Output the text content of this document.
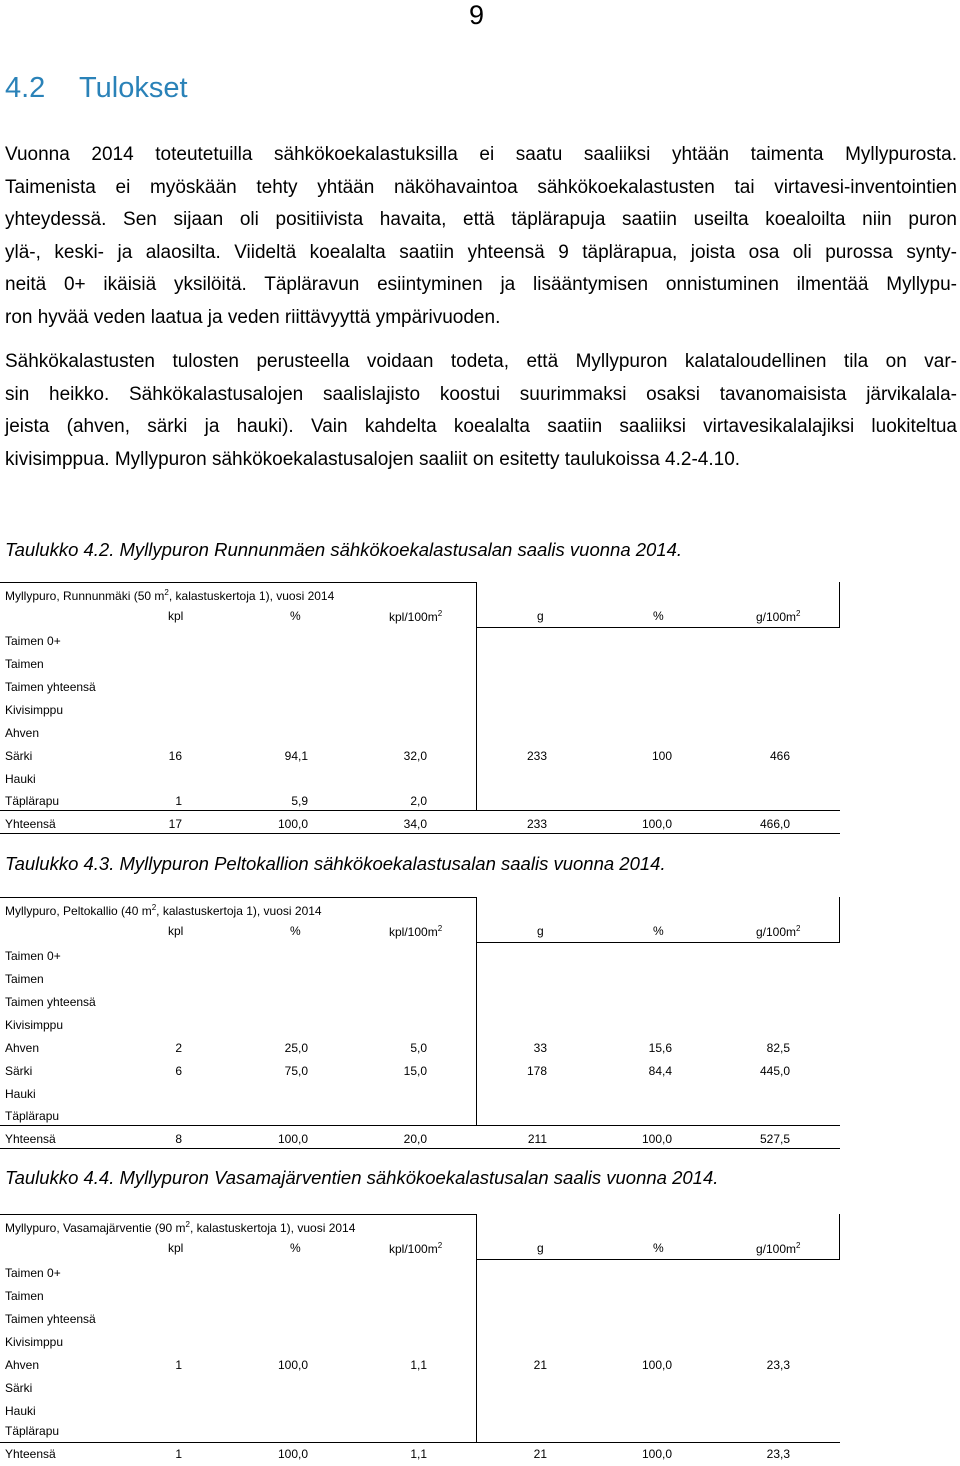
9
4.2 Tulokset
Vuonna 2014 toteutetuilla sähkökoekalastuksilla ei saatu saaliiksi yhtään taimenta Myllypurosta.
Taimenista ei myöskään tehty yhtään näköhavaintoa sähkökoekalastusten tai virtavesi-inventointien
yhteydessä. Sen sijaan oli positiivista havaita, että täplärapuja saatiin useilta koealoilta niin puron
ylä-, keski- ja alaosilta. Viideltä koealalta saatiin yhteensä 9 täplärapua, joista osa oli purossa synty-
neitä 0+ ikäisiä yksilöitä. Täpläravun esiintyminen ja lisääntymisen onnistuminen ilmentää Myllypu-
ron hyvää veden laatua ja veden riittävyyttä ympärivuoden.
Sähkökalastusten tulosten perusteella voidaan todeta, että Myllypuron kalataloudellinen tila on var-
sin heikko. Sähkökalastusalojen saalislajisto koostui suurimmaksi osaksi tavanomaisista järvikalala-
jeista (ahven, särki ja hauki). Vain kahdelta koealalta saatiin saaliiksi virtavesikalalajiksi luokiteltua
kivisimppua. Myllypuron sähkökoekalastusalojen saaliit on esitetty taulukoissa 4.2-4.10.
Taulukko 4.2. Myllypuron Runnunmäen sähkökoekalastusalan saalis vuonna 2014.
Myllypuro, Runnunmäki (50 $m^2$, kalastuskertoja 1), vuosi 2014
kpl	%	kpl/$100m^2$	g	%	$g/100m^2$
Taimen 0+
Taimen
Taimen yhteensä
Kivisimppu
Ahven
Särki	16	94,1	32,0	233	100	466
Hauki
Täplärapu	1	5,9	2,0
Yhteensä	17	100,0	34,0	233	100,0	466,0
Taulukko 4.3. Myllypuron Peltokallion sähkökoekalastusalan saalis vuonna 2014.
Myllypuro, Peltokallio (40 $m^2$, kalastuskertoja 1), vuosi 2014
kpl	%	kpl/$100m^2$	g	%	$g/100m^2$
Taimen 0+
Taimen
Taimen yhteensä
Kivisimppu
Ahven	2	25,0	5,0	33	15,6	82,5
Särki	6	75,0	15,0	178	84,4	445,0
Hauki
Täplärapu
Yhteensä	8	100,0	20,0	211	100,0	527,5
Taulukko 4.4. Myllypuron Vasamajärventien sähkökoekalastusalan saalis vuonna 2014.
Myllypuro, Vasamajärventie (90 $m^2$, kalastuskertoja 1), vuosi 2014
kpl	%	kpl/$100m^2$	g	%	$g/100m^2$
Taimen 0+
Taimen
Taimen yhteensä
Kivisimppu
Ahven	1	100,0	1,1	21	100,0	23,3
Särki
Hauki
Täplärapu
Yhteensä	1	100,0	1,1	21	100,0	23,3
